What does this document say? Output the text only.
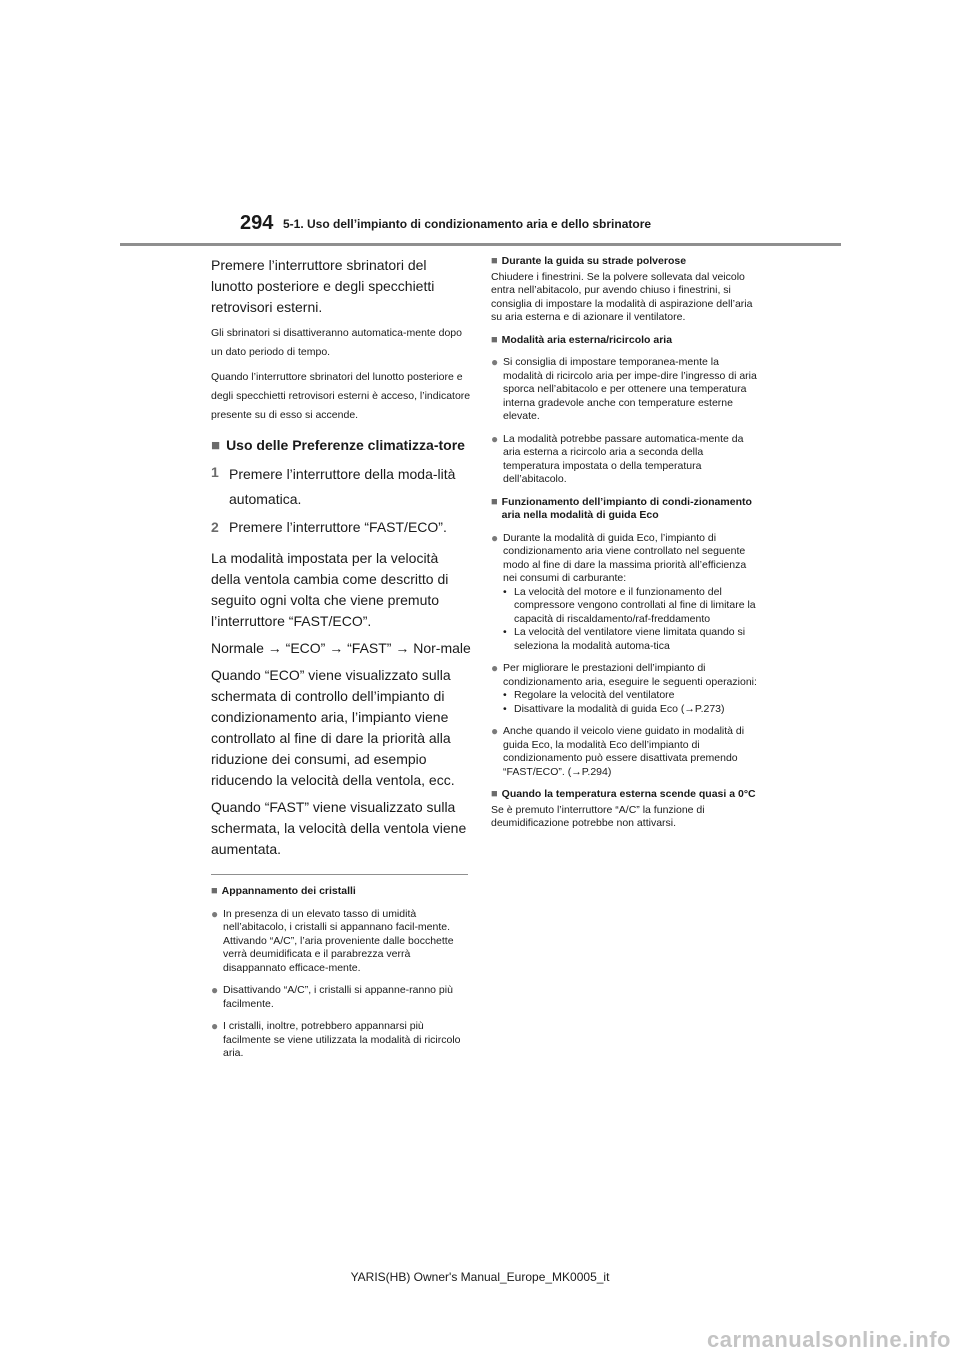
294 5-1. Uso dell’impianto di condizionamento aria e dello sbrinatore

Premere l’interruttore sbrinatori del lunotto posteriore e degli specchietti retrovisori esterni.

Gli sbrinatori si disattiveranno automatica-mente dopo un dato periodo di tempo.

Quando l’interruttore sbrinatori del lunotto posteriore e degli specchietti retrovisori esterni è acceso, l’indicatore presente su di esso si accende.

■ Uso delle Preferenze climatizza-tore
1 Premere l’interruttore della moda-lità automatica.
2 Premere l’interruttore “FAST/ECO”.

La modalità impostata per la velocità della ventola cambia come descritto di seguito ogni volta che viene premuto l’interruttore “FAST/ECO”.

Normale → “ECO” → “FAST” → Nor-male

Quando “ECO” viene visualizzato sulla schermata di controllo dell’impianto di condizionamento aria, l’impianto viene controllato al fine di dare la priorità alla riduzione dei consumi, ad esempio riducendo la velocità della ventola, ecc.

Quando “FAST” viene visualizzato sulla schermata, la velocità della ventola viene aumentata.

■ Appannamento dei cristalli
● In presenza di un elevato tasso di umidità nell’abitacolo, i cristalli si appannano facil-mente. Attivando “A/C”, l’aria proveniente dalle bocchette verrà deumidificata e il parabrezza verrà disappannato efficace-mente.
● Disattivando “A/C”, i cristalli si appanne-ranno più facilmente.
● I cristalli, inoltre, potrebbero appannarsi più facilmente se viene utilizzata la modalità di ricircolo aria.
■ Durante la guida su strade polverose

Chiudere i finestrini. Se la polvere sollevata dal veicolo entra nell’abitacolo, pur avendo chiuso i finestrini, si consiglia di impostare la modalità di aspirazione dell’aria su aria esterna e di azionare il ventilatore.

■ Modalità aria esterna/ricircolo aria
● Si consiglia di impostare temporanea-mente la modalità di ricircolo aria per impe-dire l’ingresso di aria sporca nell’abitacolo e per ottenere una temperatura interna gradevole anche con temperature esterne elevate.
● La modalità potrebbe passare automatica-mente da aria esterna a ricircolo aria a seconda della temperatura impostata o della temperatura dell’abitacolo.
■ Funzionamento dell’impianto di condi-zionamento aria nella modalità di guida Eco
● Durante la modalità di guida Eco, l’impianto di condizionamento aria viene controllato nel seguente modo al fine di dare la massima priorità all’efficienza nei consumi di carburante:
• La velocità del motore e il funzionamento del compressore vengono controllati al fine di limitare la capacità di riscaldamento/raf-freddamento
• La velocità del ventilatore viene limitata quando si seleziona la modalità automa-tica
● Per migliorare le prestazioni dell’impianto di condizionamento aria, eseguire le seguenti operazioni:
• Regolare la velocità del ventilatore
• Disattivare la modalità di guida Eco (→P.273)
● Anche quando il veicolo viene guidato in modalità di guida Eco, la modalità Eco dell’impianto di condizionamento può essere disattivata premendo “FAST/ECO”. (→P.294)
■ Quando la temperatura esterna scende quasi a 0°C

Se è premuto l’interruttore “A/C” la funzione di deumidificazione potrebbe non attivarsi.

YARIS(HB) Owner's Manual_Europe_MK0005_it
carmanualsonline.info
